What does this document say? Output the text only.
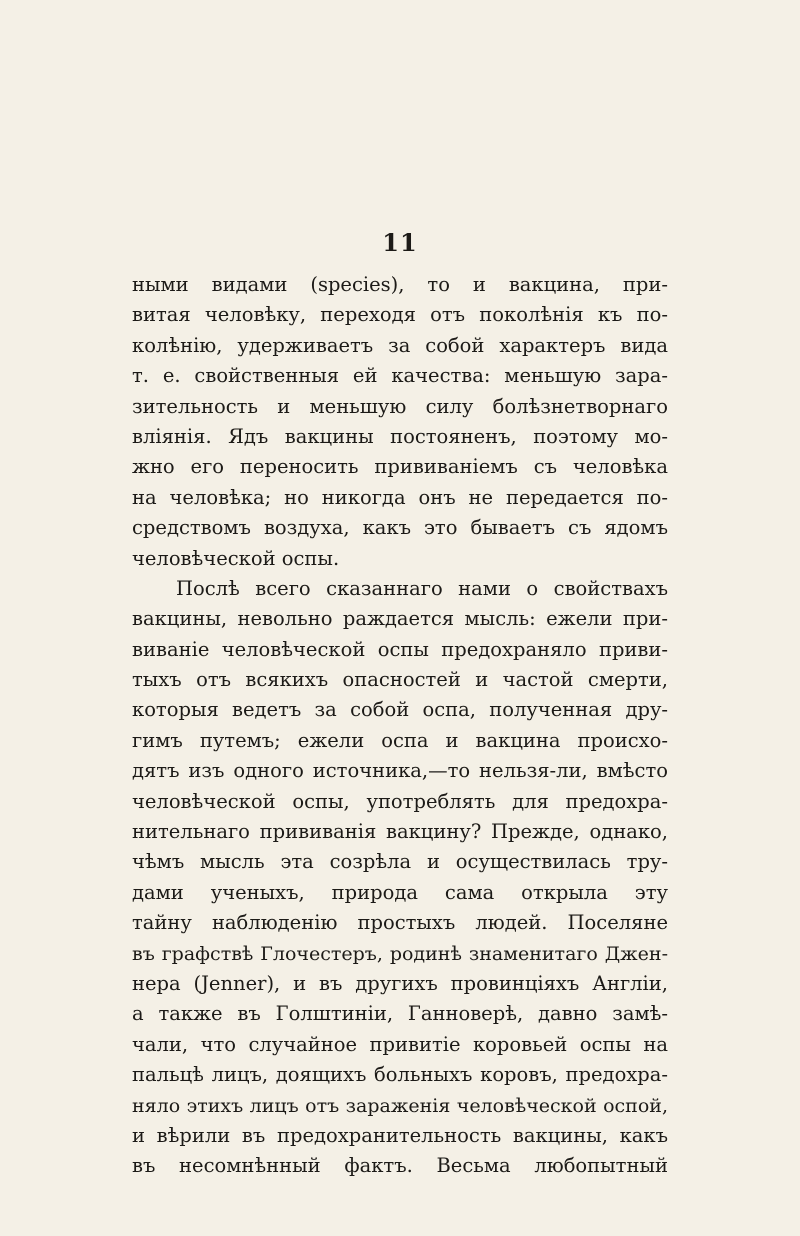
11
ными видами (species), то и вакцина, при-
витая человѣку, переходя отъ поколѣнія къ по-
колѣнію, удерживаетъ за собой характеръ вида
т. е. свойственныя ей качества: меньшую зара-
зительность и меньшую силу болѣзнетворнаго
вліянія. Ядъ вакцины постояненъ, поэтому мо-
жно его переносить прививаніемъ съ человѣка
на человѣка; но никогда онъ не передается по-
средствомъ воздуха, какъ это бываетъ съ ядомъ
человѣческой оспы.
Послѣ всего сказаннаго нами о свойствахъ
вакцины, невольно раждается мысль: ежели при-
виваніе человѣческой оспы предохраняло приви-
тыхъ отъ всякихъ опасностей и частой смерти,
которыя ведетъ за собой оспа, полученная дру-
гимъ путемъ; ежели оспа и вакцина происхо-
дятъ изъ одного источника,—то нельзя-ли, вмѣсто
человѣческой оспы, употреблять для предохра-
нительнаго прививанія вакцину? Прежде, однако,
чѣмъ мысль эта созрѣла и осуществилась тру-
дами ученыхъ, природа сама открыла эту
тайну наблюденію простыхъ людей. Поселяне
въ графствѣ Глочестеръ, родинѣ знаменитаго Джен-
нера (Jenner), и въ другихъ провинціяхъ Англіи,
а также въ Голштиніи, Ганноверѣ, давно замѣ-
чали, что случайное привитіе коровьей оспы на
пальцѣ лицъ, доящихъ больныхъ коровъ, предохра-
няло этихъ лицъ отъ зараженія человѣческой оспой,
и вѣрили въ предохранительность вакцины, какъ
въ несомнѣнный фактъ. Весьма любопытный
